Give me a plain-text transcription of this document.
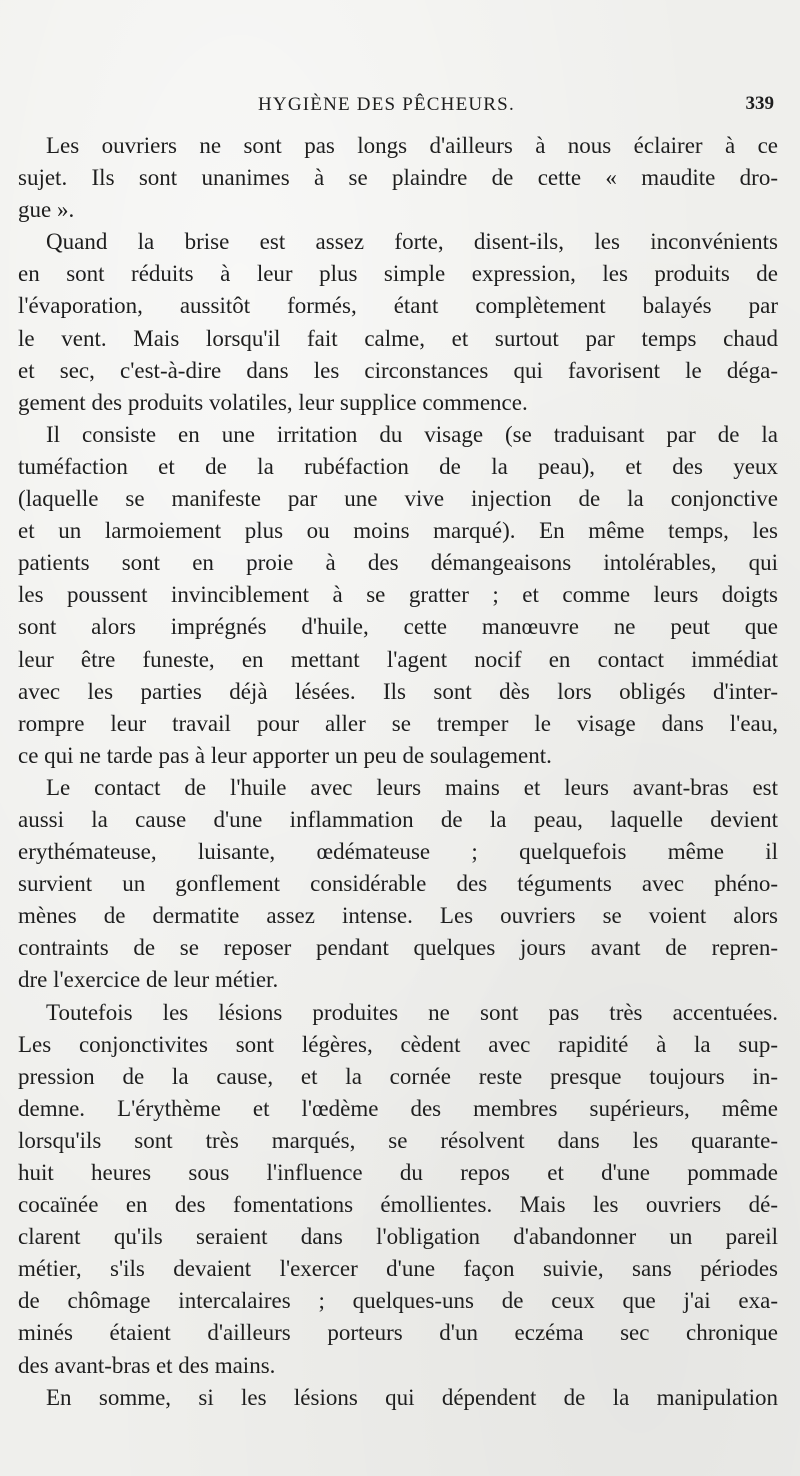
HYGIÈNE DES PÊCHEURS.	339
Les ouvriers ne sont pas longs d'ailleurs à nous éclairer à ce
sujet. Ils sont unanimes à se plaindre de cette « maudite dro-
gue ».
Quand la brise est assez forte, disent-ils, les inconvénients
en sont réduits à leur plus simple expression, les produits de
l'évaporation, aussitôt formés, étant complètement balayés par
le vent. Mais lorsqu'il fait calme, et surtout par temps chaud
et sec, c'est-à-dire dans les circonstances qui favorisent le déga-
gement des produits volatiles, leur supplice commence.
Il consiste en une irritation du visage (se traduisant par de la
tuméfaction et de la rubéfaction de la peau), et des yeux
(laquelle se manifeste par une vive injection de la conjonctive
et un larmoiement plus ou moins marqué). En même temps, les
patients sont en proie à des démangeaisons intolérables, qui
les poussent invinciblement à se gratter ; et comme leurs doigts
sont alors imprégnés d'huile, cette manœuvre ne peut que
leur être funeste, en mettant l'agent nocif en contact immédiat
avec les parties déjà lésées. Ils sont dès lors obligés d'inter-
rompre leur travail pour aller se tremper le visage dans l'eau,
ce qui ne tarde pas à leur apporter un peu de soulagement.
Le contact de l'huile avec leurs mains et leurs avant-bras est
aussi la cause d'une inflammation de la peau, laquelle devient
erythémateuse, luisante, œdémateuse ; quelquefois même il
survient un gonflement considérable des téguments avec phéno-
mènes de dermatite assez intense. Les ouvriers se voient alors
contraints de se reposer pendant quelques jours avant de repren-
dre l'exercice de leur métier.
Toutefois les lésions produites ne sont pas très accentuées.
Les conjonctivites sont légères, cèdent avec rapidité à la sup-
pression de la cause, et la cornée reste presque toujours in-
demne. L'érythème et l'œdème des membres supérieurs, même
lorsqu'ils sont très marqués, se résolvent dans les quarante-
huit heures sous l'influence du repos et d'une pommade
cocaïnée en des fomentations émollientes. Mais les ouvriers dé-
clarent qu'ils seraient dans l'obligation d'abandonner un pareil
métier, s'ils devaient l'exercer d'une façon suivie, sans périodes
de chômage intercalaires ; quelques-uns de ceux que j'ai exa-
minés étaient d'ailleurs porteurs d'un eczéma sec chronique
des avant-bras et des mains.
En somme, si les lésions qui dépendent de la manipulation
